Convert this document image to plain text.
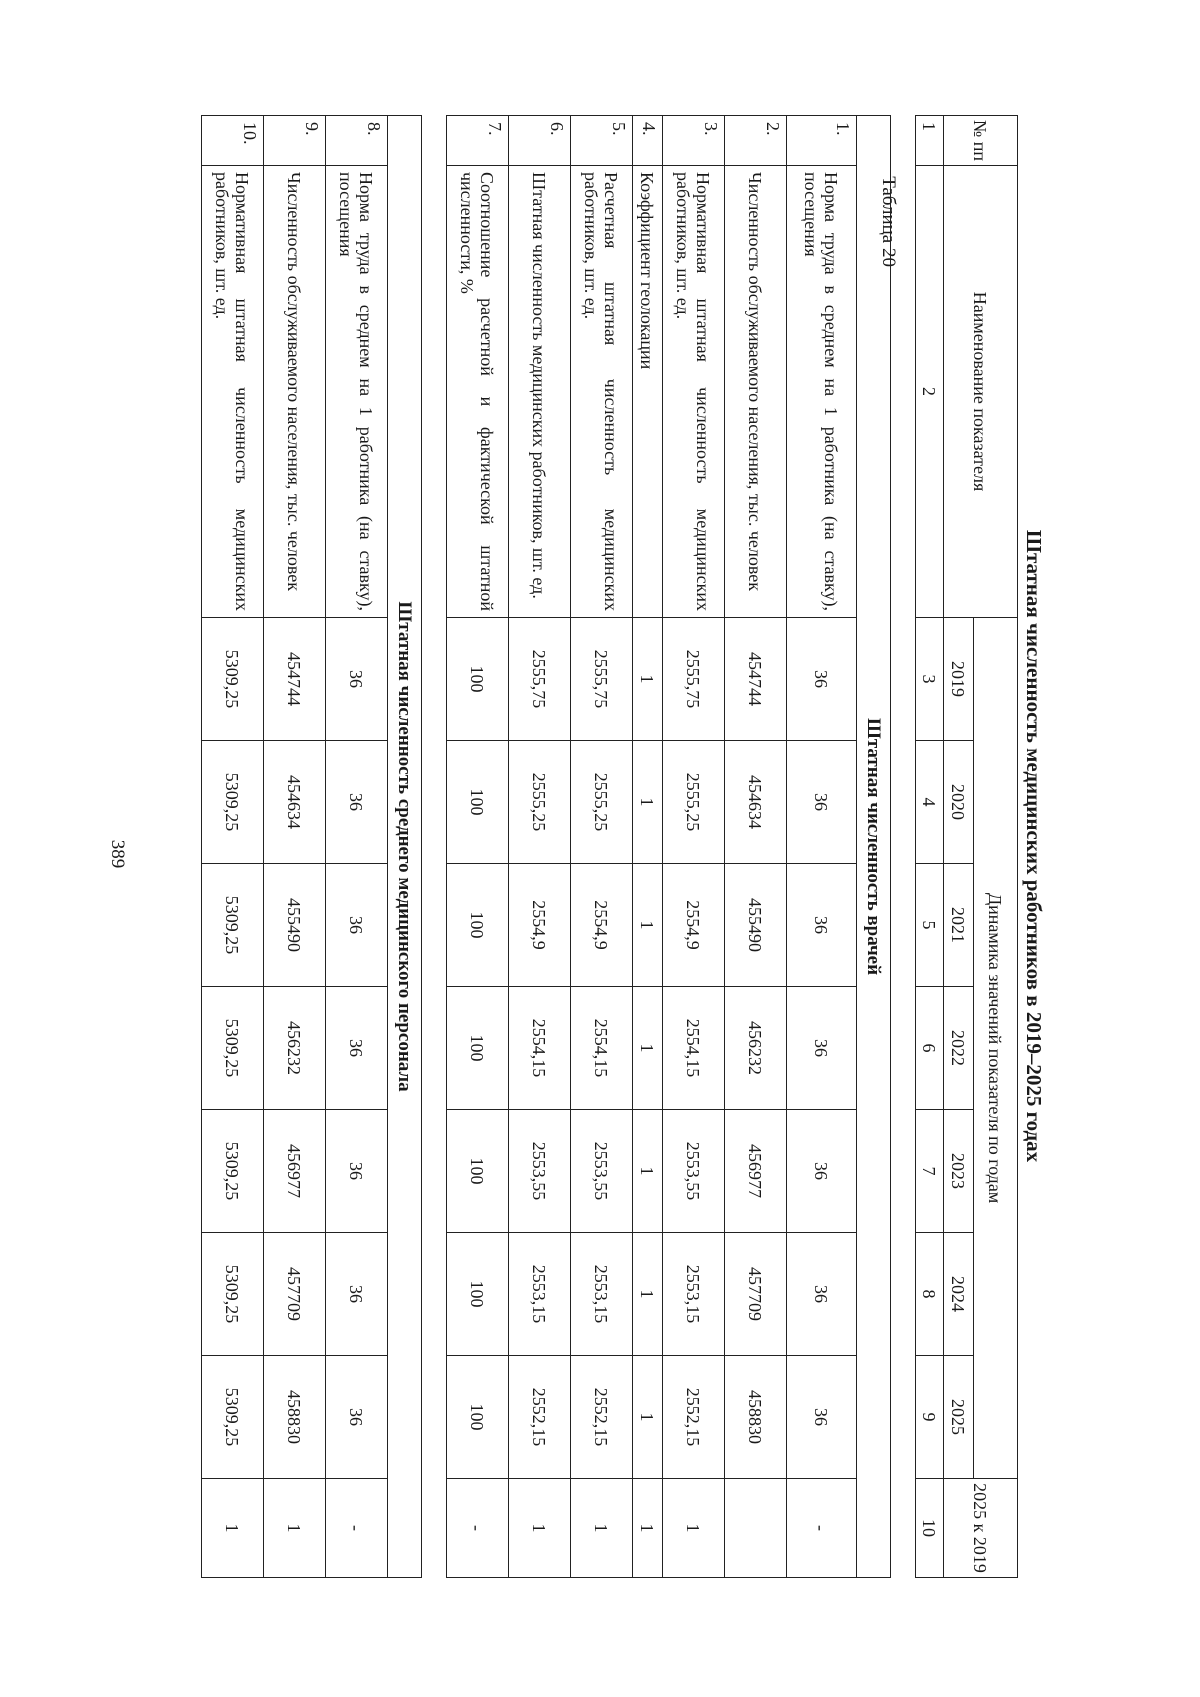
389
Таблица 20
Штатная численность медицинских работников в 2019–2025 годах
№ пп	Наименование показателя	Динамика значений показателя по годам							2025 к 2019
		2019	2020	2021	2022	2023	2024	2025	
1	2	3	4	5	6	7	8	9	10

Штатная численность врачей									
1.	Норма труда в среднем на 1 работника (на ставку), посещения	36	36	36	36	36	36	36	-
2.	Численность обслуживаемого населения, тыс. человек	454744	454634	455490	456232	456977	457709	458830	
3.	Нормативная штатная численность медицинских работников, шт. ед.	2555,75	2555,25	2554,9	2554,15	2553,55	2553,15	2552,15	1
4.	Коэффициент геолокации	1	1	1	1	1	1	1	1
5.	Расчетная штатная численность медицинских работников, шт. ед.	2555,75	2555,25	2554,9	2554,15	2553,55	2553,15	2552,15	1
6.	Штатная численность медицинских работников, шт. ед.	2555,75	2555,25	2554,9	2554,15	2553,55	2553,15	2552,15	1
7.	Соотношение расчетной и фактической штатной численности, %	100	100	100	100	100	100	100	-

Штатная численность среднего медицинского персонала									
8.	Норма труда в среднем на 1 работника (на ставку), посещения	36	36	36	36	36	36	36	-
9.	Численность обслуживаемого населения, тыс. человек	454744	454634	455490	456232	456977	457709	458830	1
10.	Нормативная штатная численность медицинских работников, шт. ед.	5309,25	5309,25	5309,25	5309,25	5309,25	5309,25	5309,25	1
